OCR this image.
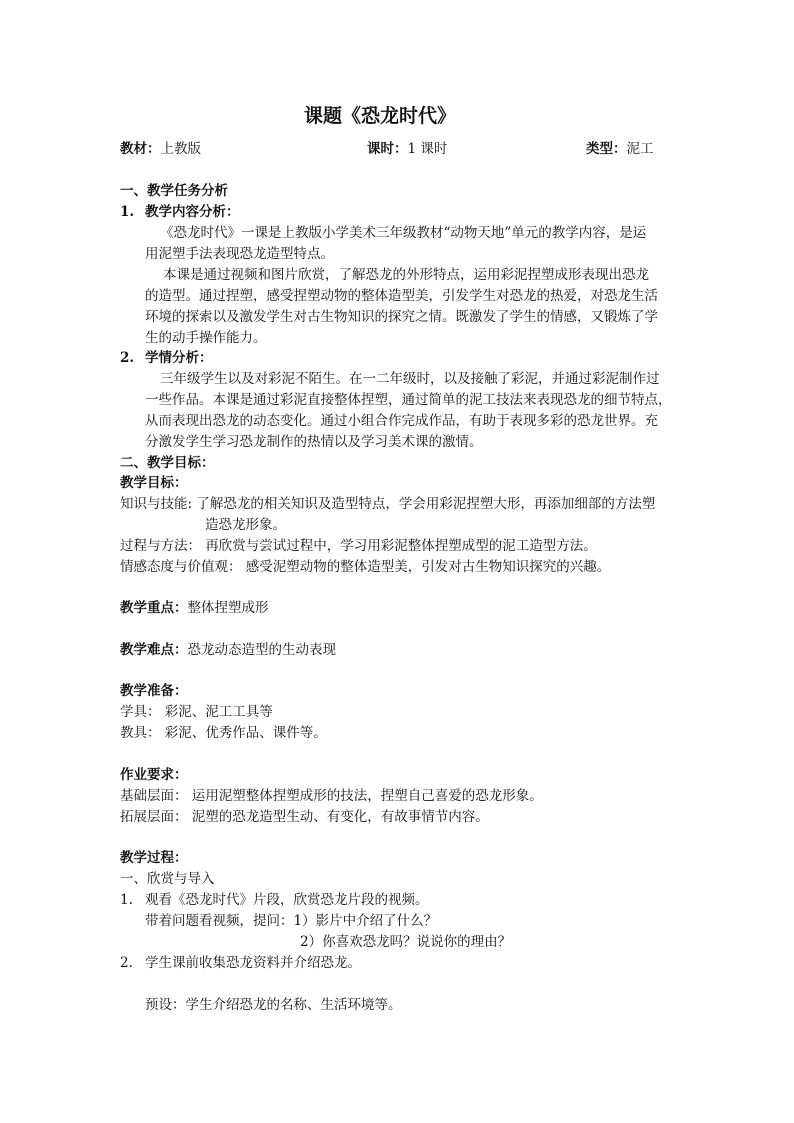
课题《恐龙时代》
教材：上教版	课时：1 课时	类型：泥工
一、教学任务分析
1. 教学内容分析：
《恐龙时代》一课是上教版小学美术三年级教材“动物天地”单元的教学内容，是运
用泥塑手法表现恐龙造型特点。
本课是通过视频和图片欣赏，了解恐龙的外形特点，运用彩泥捏塑成形表现出恐龙
的造型。通过捏塑，感受捏塑动物的整体造型美，引发学生对恐龙的热爱，对恐龙生活
环境的探索以及激发学生对古生物知识的探究之情。既激发了学生的情感，又锻炼了学
生的动手操作能力。
2. 学情分析：
三年级学生以及对彩泥不陌生。在一二年级时，以及接触了彩泥，并通过彩泥制作过
一些作品。本课是通过彩泥直接整体捏塑，通过简单的泥工技法来表现恐龙的细节特点，
从而表现出恐龙的动态变化。通过小组合作完成作品，有助于表现多彩的恐龙世界。充
分激发学生学习恐龙制作的热情以及学习美术课的激情。
二、教学目标：
教学目标：
知识与技能: 了解恐龙的相关知识及造型特点，学会用彩泥捏塑大形，再添加细部的方法塑
造恐龙形象。
过程与方法： 再欣赏与尝试过程中，学习用彩泥整体捏塑成型的泥工造型方法。
情感态度与价值观： 感受泥塑动物的整体造型美，引发对古生物知识探究的兴趣。
教学重点：整体捏塑成形
教学难点：恐龙动态造型的生动表现
教学准备：
学具： 彩泥、泥工工具等
教具： 彩泥、优秀作品、课件等。
作业要求：
基础层面： 运用泥塑整体捏塑成形的技法，捏塑自己喜爱的恐龙形象。
拓展层面： 泥塑的恐龙造型生动、有变化，有故事情节内容。
教学过程：
一、欣赏与导入
1. 观看《恐龙时代》片段，欣赏恐龙片段的视频。
带着问题看视频，提问：1）影片中介绍了什么？
2）你喜欢恐龙吗？说说你的理由？
2. 学生课前收集恐龙资料并介绍恐龙。
预设：学生介绍恐龙的名称、生活环境等。
